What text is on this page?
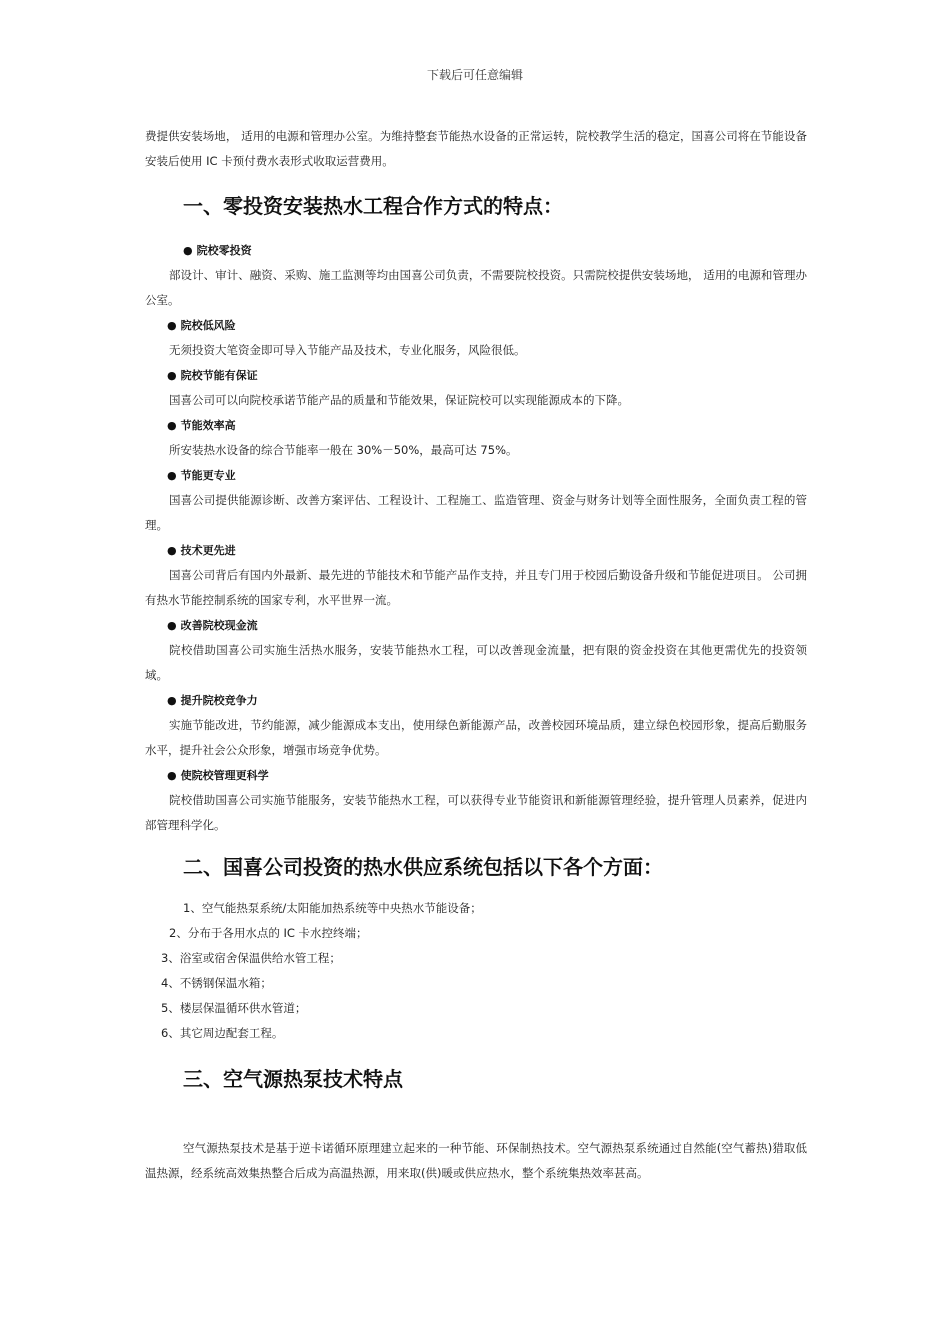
下载后可任意编辑

费提供安装场地， 适用的电源和管理办公室。为维持整套节能热水设备的正常运转，院校教学生活的稳定，国喜公司将在节能设备安装后使用 IC 卡预付费水表形式收取运营费用。

一、零投资安装热水工程合作方式的特点：

● 院校零投资

部设计、审计、融资、采购、施工监测等均由国喜公司负责，不需要院校投资。只需院校提供安装场地， 适用的电源和管理办公室。

● 院校低风险

无须投资大笔资金即可导入节能产品及技术，专业化服务，风险很低。

● 院校节能有保证

国喜公司可以向院校承诺节能产品的质量和节能效果，保证院校可以实现能源成本的下降。

● 节能效率高

所安装热水设备的综合节能率一般在 30%－50%，最高可达 75%。

● 节能更专业

国喜公司提供能源诊断、改善方案评估、工程设计、工程施工、监造管理、资金与财务计划等全面性服务，全面负责工程的管理。

● 技术更先进

国喜公司背后有国内外最新、最先进的节能技术和节能产品作支持，并且专门用于校园后勤设备升级和节能促进项目。 公司拥有热水节能控制系统的国家专利，水平世界一流。

● 改善院校现金流

院校借助国喜公司实施生活热水服务，安装节能热水工程，可以改善现金流量，把有限的资金投资在其他更需优先的投资领域。

● 提升院校竞争力

实施节能改进，节约能源，减少能源成本支出，使用绿色新能源产品，改善校园环境品质，建立绿色校园形象，提高后勤服务水平，提升社会公众形象，增强市场竞争优势。

● 使院校管理更科学

院校借助国喜公司实施节能服务，安装节能热水工程，可以获得专业节能资讯和新能源管理经验，提升管理人员素养，促进内部管理科学化。

二、国喜公司投资的热水供应系统包括以下各个方面：

1、空气能热泵系统/太阳能加热系统等中央热水节能设备；

2、分布于各用水点的 IC 卡水控终端；

3、浴室或宿舍保温供给水管工程；

4、不锈钢保温水箱；

5、楼层保温循环供水管道；

6、其它周边配套工程。

三、空气源热泵技术特点

空气源热泵技术是基于逆卡诺循环原理建立起来的一种节能、环保制热技术。空气源热泵系统通过自然能(空气蓄热)猎取低温热源，经系统高效集热整合后成为高温热源，用来取(供)暖或供应热水，整个系统集热效率甚高。
